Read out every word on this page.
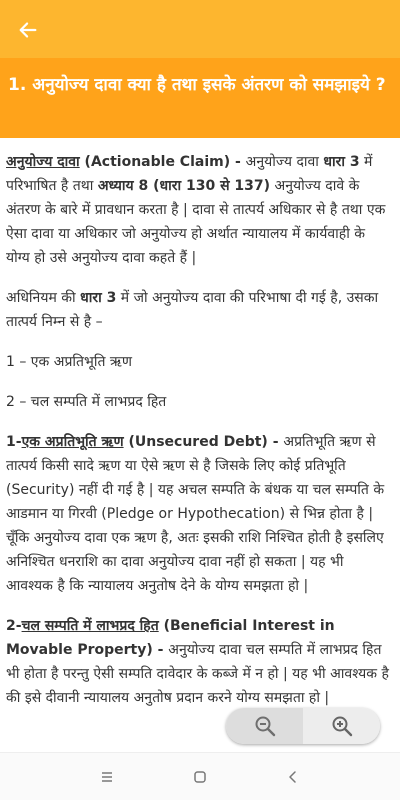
1. अनुयोज्य दावा क्या है तथा इसके अंतरण को समझाइये ?

अनुयोज्य दावा (Actionable Claim) - अनुयोज्य दावा धारा 3 में परिभाषित है तथा अध्याय 8 (धारा 130 से 137) अनुयोज्य दावे के अंतरण के बारे में प्रावधान करता है | दावा से तात्पर्य अधिकार से है तथा एक ऐसा दावा या अधिकार जो अनुयोज्य हो अर्थात न्यायालय में कार्यवाही के योग्य हो उसे अनुयोज्य दावा कहते हैं |

अधिनियम की धारा 3 में जो अनुयोज्य दावा की परिभाषा दी गई है, उसका तात्पर्य निम्न से है –

1 – एक अप्रतिभूति ऋण

2 – चल सम्पति में लाभप्रद हित

1-एक अप्रतिभूति ऋण (Unsecured Debt) - अप्रतिभूति ऋण से तात्पर्य किसी सादे ऋण या ऐसे ऋण से है जिसके लिए कोई प्रतिभूति (Security) नहीं दी गई है | यह अचल सम्पति के बंधक या चल सम्पति के आडमान या गिरवी (Pledge or Hypothecation) से भिन्न होता है | चूँकि अनुयोज्य दावा एक ऋण है, अतः इसकी राशि निश्चित होती है इसलिए अनिश्चित धनराशि का दावा अनुयोज्य दावा नहीं हो सकता | यह भी आवश्यक है कि न्यायालय अनुतोष देने के योग्य समझता हो |

2-चल सम्पति में लाभप्रद हित (Beneficial Interest in Movable Property) - अनुयोज्य दावा चल सम्पति में लाभप्रद हित भी होता है परन्तु ऐसी सम्पति दावेदार के कब्जे में न हो | यह भी आवश्यक है की इसे दीवानी न्यायालय अनुतोष प्रदान करने योग्य समझता हो |
